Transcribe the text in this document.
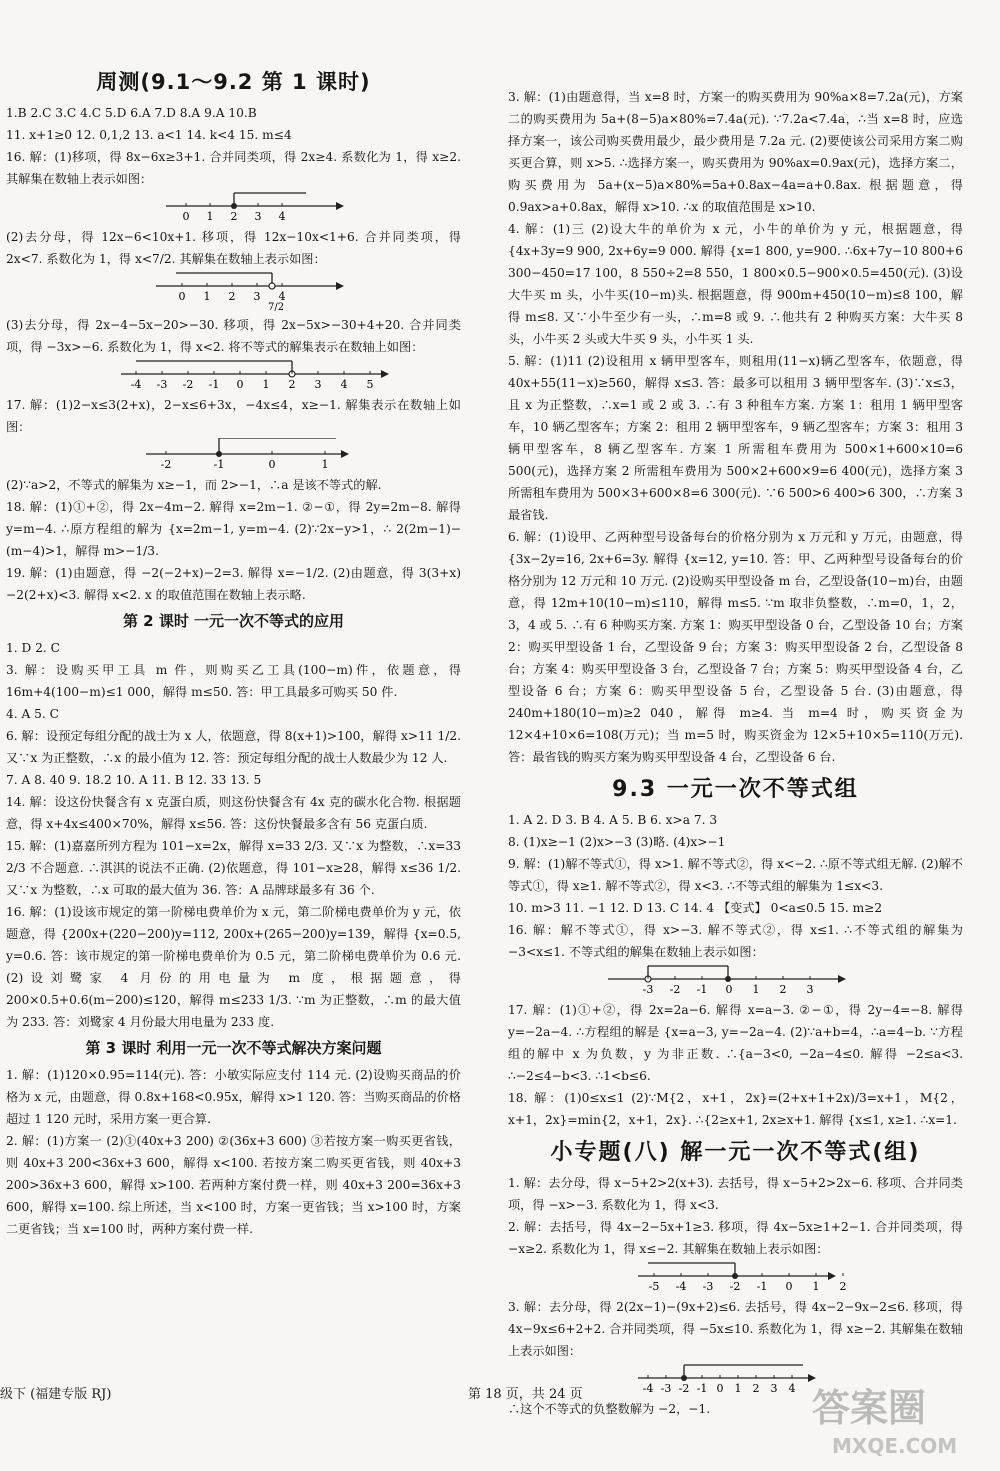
周测(9.1～9.2 第 1 课时)

1.B 2.C 3.C 4.C 5.D 6.A 7.D 8.A 9.A 10.B

11. x+1≥0 12. 0,1,2 13. a<1 14. k<4 15. m≤4

16. 解：(1)移项，得 8x−6x≥3+1. 合并同类项，得 2x≥4. 系数化为 1，得 x≥2. 其解集在数轴上表示如图：

0 1 2 3 4

(2)去分母，得 12x−6<10x+1. 移项，得 12x−10x<1+6. 合并同类项，得 2x<7. 系数化为 1，得 x<7/2. 其解集在数轴上表示如图：

0 1 2 3 4
7/2

(3)去分母，得 2x−4−5x−20>−30. 移项，得 2x−5x>−30+4+20. 合并同类项，得 −3x>−6. 系数化为 1，得 x<2. 将不等式的解集表示在数轴上如图：

-4 -3 -2 -1 0 1 2 3 4 5

17. 解：(1)2−x≤3(2+x)，2−x≤6+3x，−4x≤4，x≥−1. 解集表示在数轴上如图：

-2	-1	0	1

(2)∵a>2，不等式的解集为 x≥−1，而 2>−1，∴a 是该不等式的解.

18. 解：(1)①+②，得 2x−4m−2. 解得 x=2m−1. ②−①，得 2y=2m−8. 解得 y=m−4. ∴原方程组的解为 {x=2m−1, y=m−4. (2)∵2x−y>1，∴ 2(2m−1)−(m−4)>1，解得 m>−1/3.

19. 解：(1)由题意，得 −2(−2+x)−2=3. 解得 x=−1/2. (2)由题意，得 3(3+x)−2(2+x)<3. 解得 x<2. x 的取值范围在数轴上表示略.

第 2 课时 一元一次不等式的应用

1. D 2. C

3. 解：设购买甲工具 m 件，则购买乙工具(100−m)件，依题意，得 16m+4(100−m)≤1 000，解得 m≤50. 答：甲工具最多可购买 50 件.

4. A 5. C

6. 解：设预定每组分配的战士为 x 人，依题意，得 8(x+1)>100，解得 x>11 1/2. 又∵x 为正整数，∴x 的最小值为 12. 答：预定每组分配的战士人数最少为 12 人.

7. A 8. 40 9. 18.2 10. A 11. B 12. 33 13. 5

14. 解：设这份快餐含有 x 克蛋白质，则这份快餐含有 4x 克的碳水化合物. 根据题意，得 x+4x≤400×70%，解得 x≤56. 答：这份快餐最多含有 56 克蛋白质.

15. 解：(1)嘉嘉所列方程为 101−x=2x，解得 x=33 2/3. 又∵x 为整数，∴x=33 2/3 不合题意. ∴淇淇的说法不正确. (2)依题意，得 101−x≥28，解得 x≤36 1/2. 又∵x 为整数，∴x 可取的最大值为 36. 答：A 品牌球最多有 36 个.

16. 解：(1)设该市规定的第一阶梯电费单价为 x 元，第二阶梯电费单价为 y 元，依题意，得 {200x+(220−200)y=112, 200x+(265−200)y=139，解得 {x=0.5, y=0.6. 答：该市规定的第一阶梯电费单价为 0.5 元，第二阶梯电费单价为 0.6 元. (2)设刘鹭家 4 月份的用电量为 m 度，根据题意，得 200×0.5+0.6(m−200)≤120，解得 m≤233 1/3. ∵m 为正整数，∴m 的最大值为 233. 答：刘鹭家 4 月份最大用电量为 233 度.

第 3 课时 利用一元一次不等式解决方案问题

1. 解：(1)120×0.95=114(元). 答：小敏实际应支付 114 元. (2)设购买商品的价格为 x 元，由题意，得 0.8x+168<0.95x，解得 x>1 120. 答：当购买商品的价格超过 1 120 元时，采用方案一更合算.

2. 解：(1)方案一 (2)①(40x+3 200) ②(36x+3 600) ③若按方案一购买更省钱，则 40x+3 200<36x+3 600，解得 x<100. 若按方案二购买更省钱，则 40x+3 200>36x+3 600，解得 x>100. 若两种方案付费一样，则 40x+3 200=36x+3 600，解得 x=100. 综上所述，当 x<100 时，方案一更省钱；当 x>100 时，方案二更省钱；当 x=100 时，两种方案付费一样.

3. 解：(1)由题意得，当 x=8 时，方案一的购买费用为 90%a×8=7.2a(元)，方案二的购买费用为 5a+(8−5)a×80%=7.4a(元). ∵7.2a<7.4a，∴当 x=8 时，应选择方案一，该公司购买费用最少，最少费用是 7.2a 元. (2)要使该公司采用方案二购买更合算，则 x>5. ∴选择方案一，购买费用为 90%ax=0.9ax(元)，选择方案二，购买费用为 5a+(x−5)a×80%=5a+0.8ax−4a=a+0.8ax. 根据题意，得 0.9ax>a+0.8ax，解得 x>10. ∴x 的取值范围是 x>10.

4. 解：(1)三 (2)设大牛的单价为 x 元，小牛的单价为 y 元，根据题意，得 {4x+3y=9 900, 2x+6y=9 000. 解得 {x=1 800, y=900. ∴6x+7y−10 800+6 300−450=17 100，8 550÷2=8 550，1 800×0.5−900×0.5=450(元). (3)设大牛买 m 头，小牛买(10−m)头. 根据题意，得 900m+450(10−m)≤8 100，解得 m≤8. 又∵小牛至少有一头，∴m=8 或 9. ∴他共有 2 种购买方案：大牛买 8 头，小牛买 2 头或大牛买 9 头，小牛买 1 头.

5. 解：(1)11 (2)设租用 x 辆甲型客车，则租用(11−x)辆乙型客车，依题意，得 40x+55(11−x)≥560，解得 x≤3. 答：最多可以租用 3 辆甲型客车. (3)∵x≤3，且 x 为正整数，∴x=1 或 2 或 3. ∴有 3 种租车方案. 方案 1：租用 1 辆甲型客车，10 辆乙型客车；方案 2：租用 2 辆甲型客车，9 辆乙型客车；方案 3：租用 3 辆甲型客车，8 辆乙型客车. 方案 1 所需租车费用为 500×1+600×10=6 500(元)，选择方案 2 所需租车费用为 500×2+600×9=6 400(元)，选择方案 3 所需租车费用为 500×3+600×8=6 300(元). ∵6 500>6 400>6 300，∴方案 3 最省钱.

6. 解：(1)设甲、乙两种型号设备每台的价格分别为 x 万元和 y 万元，由题意，得 {3x−2y=16, 2x+6=3y. 解得 {x=12, y=10. 答：甲、乙两种型号设备每台的价格分别为 12 万元和 10 万元. (2)设购买甲型设备 m 台，乙型设备(10−m)台，由题意，得 12m+10(10−m)≤110，解得 m≤5. ∵m 取非负整数，∴m=0，1，2，3，4 或 5. ∴有 6 种购买方案. 方案 1：购买甲型设备 0 台，乙型设备 10 台；方案 2：购买甲型设备 1 台，乙型设备 9 台；方案 3：购买甲型设备 2 台，乙型设备 8 台；方案 4：购买甲型设备 3 台，乙型设备 7 台；方案 5：购买甲型设备 4 台，乙型设备 6 台；方案 6：购买甲型设备 5 台，乙型设备 5 台. (3)由题意，得 240m+180(10−m)≥2 040，解得 m≥4. 当 m=4 时，购买资金为 12×4+10×6=108(万元)；当 m=5 时，购买资金为 12×5+10×5=110(万元). 答：最省钱的购买方案为购买甲型设备 4 台，乙型设备 6 台.

9.3 一元一次不等式组

1. A 2. D 3. B 4. A 5. B 6. x>a 7. 3

8. (1)x≥−1 (2)x>−3 (3)略. (4)x>−1

9. 解：(1)解不等式①，得 x>1. 解不等式②，得 x<−2. ∴原不等式组无解. (2)解不等式①，得 x≥1. 解不等式②，得 x<3. ∴不等式组的解集为 1≤x<3.

10. m>3 11. −1 12. D 13. C 14. 4 【变式】 0<a≤0.5 15. m≥2

16. 解：解不等式①，得 x>−3. 解不等式②，得 x≤1. ∴不等式组的解集为 −3<x≤1. 不等式组的解集在数轴上表示如图：

-3 -2 -1 0 1 2 3

17. 解：(1)①+②，得 2x=2a−6. 解得 x=a−3. ②−①，得 2y−4=−8. 解得 y=−2a−4. ∴方程组的解是 {x=a−3, y=−2a−4. (2)∵a+b=4，∴a=4−b. ∵方程组的解中 x 为负数，y 为非正数. ∴{a−3<0, −2a−4≤0. 解得 −2≤a<3. ∴−2≤4−b<3. ∴1<b≤6.

18. 解：(1)0≤x≤1 (2)∵M{2，x+1，2x}=(2+x+1+2x)/3=x+1，M{2，x+1，2x}=min{2，x+1，2x}. ∴{2≥x+1, 2x≥x+1. 解得 {x≤1, x≥1. ∴x=1.

小专题(八) 解一元一次不等式(组)

1. 解：去分母，得 x−5+2>2(x+3). 去括号，得 x−5+2>2x−6. 移项、合并同类项，得 −x>−3. 系数化为 1，得 x<3.

2. 解：去括号，得 4x−2−5x+1≥3. 移项，得 4x−5x≥1+2−1. 合并同类项，得 −x≥2. 系数化为 1，得 x≤−2. 其解集在数轴上表示如图：

-5 -4 -3 -2 -1 0 1 2

3. 解：去分母，得 2(2x−1)−(9x+2)≤6. 去括号，得 4x−2−9x−2≤6. 移项，得 4x−9x≤6+2+2. 合并同类项，得 −5x≤10. 系数化为 1，得 x≥−2. 其解集在数轴上表示如图：

-4 -3 -2 -1 0 1 2 3 4

∴这个不等式的负整数解为 −2，−1.

级下 (福建专版 RJ)	第 18 页，共 24 页	答案圈
MXQE.COM
